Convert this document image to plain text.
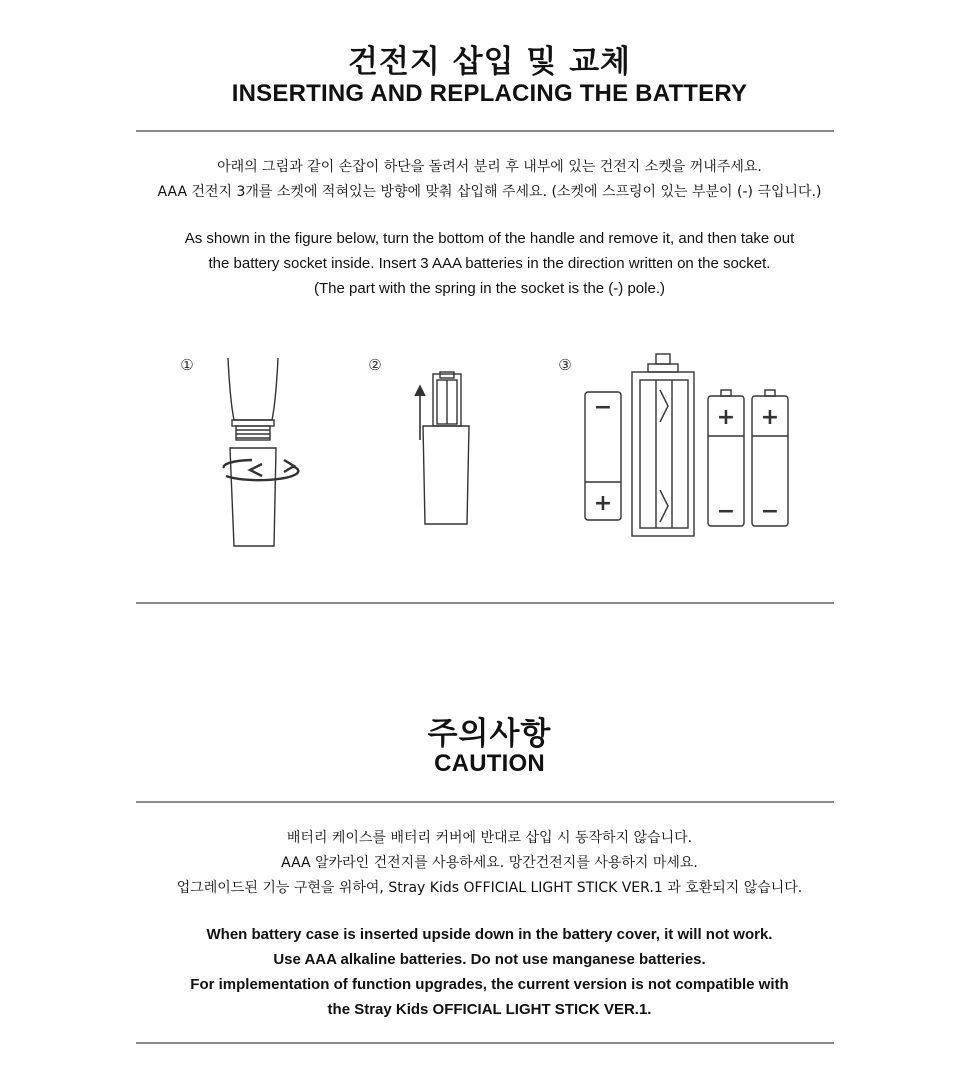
건전지 삽입 및 교체
INSERTING AND REPLACING THE BATTERY
아래의 그림과 같이 손잡이 하단을 돌려서 분리 후 내부에 있는 건전지 소켓을 꺼내주세요.
AAA 건전지 3개를 소켓에 적혀있는 방향에 맞춰 삽입해 주세요. (소켓에 스프링이 있는 부분이 (-) 극입니다.)
As shown in the figure below, turn the bottom of the handle and remove it, and then take out
the battery socket inside. Insert 3 AAA batteries in the direction written on the socket.
(The part with the spring in the socket is the (-) pole.)
①	②	③
−
+
+
−
+
−
주의사항
CAUTION
배터리 케이스를 배터리 커버에 반대로 삽입 시 동작하지 않습니다.
AAA 알카라인 건전지를 사용하세요. 망간건전지를 사용하지 마세요.
업그레이드된 기능 구현을 위하여, Stray Kids OFFICIAL LIGHT STICK VER.1 과 호환되지 않습니다.
When battery case is inserted upside down in the battery cover, it will not work.
Use AAA alkaline batteries. Do not use manganese batteries.
For implementation of function upgrades, the current version is not compatible with
the Stray Kids OFFICIAL LIGHT STICK VER.1.
